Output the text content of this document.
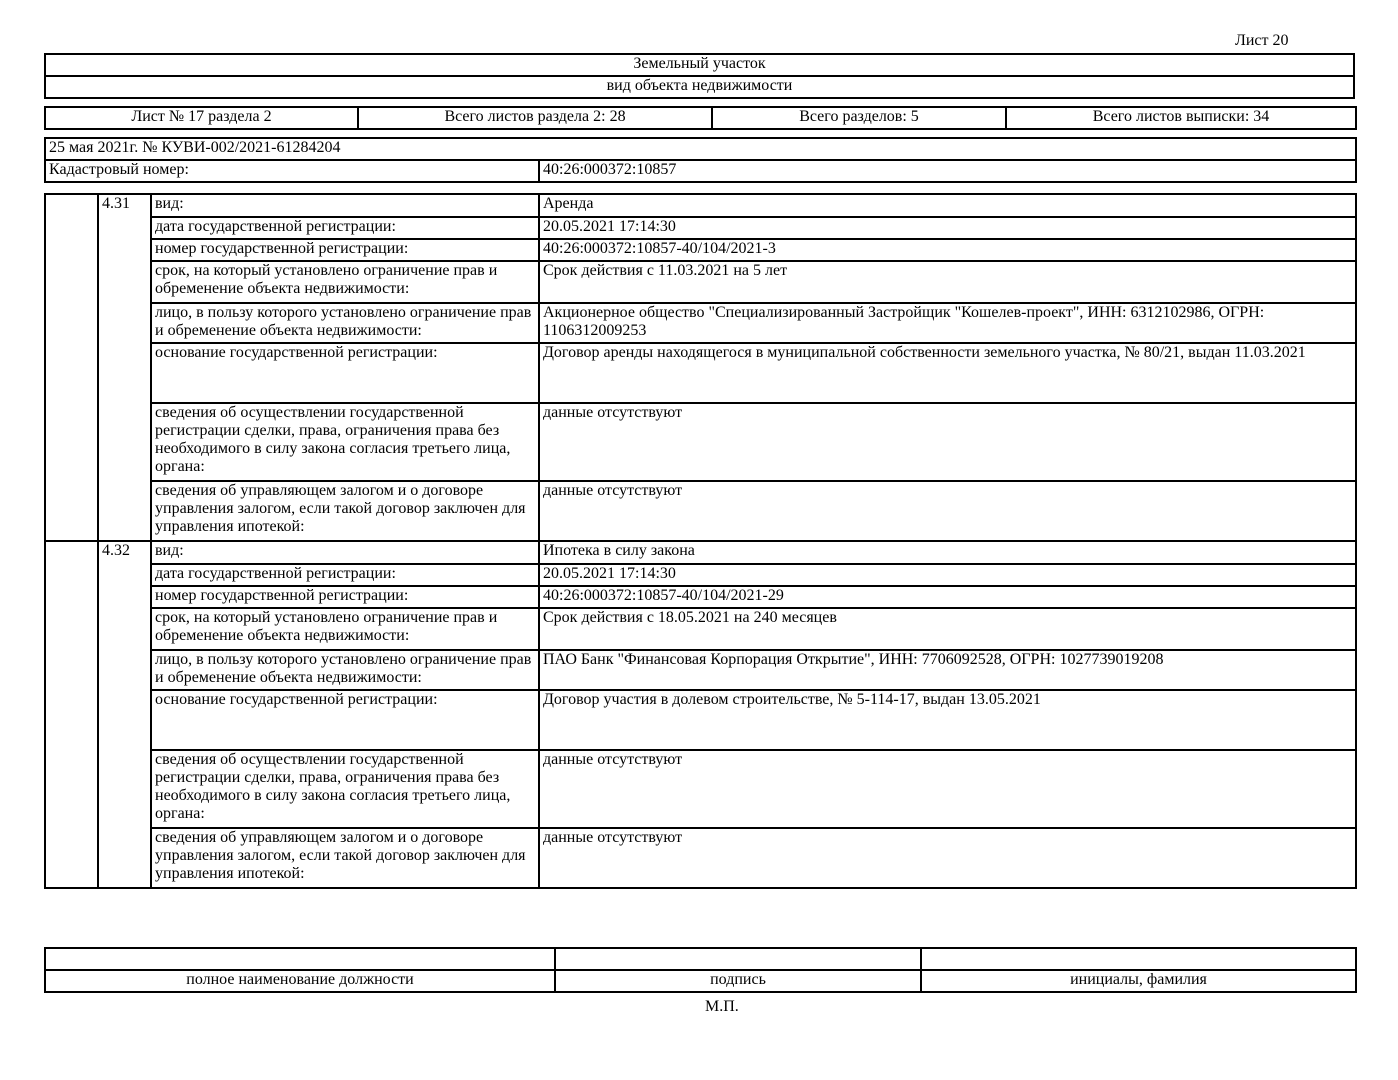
Лист 20
Земельный участок
вид объекта недвижимости
Лист № 17 раздела 2	Всего листов раздела 2: 28	Всего разделов: 5	Всего листов выписки: 34
25 мая 2021г. № КУВИ-002/2021-61284204
Кадастровый номер:	40:26:000372:10857
	4.31	вид:	Аренда
		дата государственной регистрации:	20.05.2021 17:14:30
		номер государственной регистрации:	40:26:000372:10857-40/104/2021-3
		срок, на который установлено ограничение прав и обременение объекта недвижимости:	Срок действия с 11.03.2021 на 5 лет
		лицо, в пользу которого установлено ограничение прав и обременение объекта недвижимости:	Акционерное общество "Специализированный Застройщик "Кошелев-проект", ИНН: 6312102986, ОГРН: 1106312009253
		основание государственной регистрации:	Договор аренды находящегося в муниципальной собственности земельного участка, № 80/21, выдан 11.03.2021
		сведения об осуществлении государственной регистрации сделки, права, ограничения права без необходимого в силу закона согласия третьего лица, органа:	данные отсутствуют
		сведения об управляющем залогом и о договоре управления залогом, если такой договор заключен для управления ипотекой:	данные отсутствуют
	4.32	вид:	Ипотека в силу закона
		дата государственной регистрации:	20.05.2021 17:14:30
		номер государственной регистрации:	40:26:000372:10857-40/104/2021-29
		срок, на который установлено ограничение прав и обременение объекта недвижимости:	Срок действия с 18.05.2021 на 240 месяцев
		лицо, в пользу которого установлено ограничение прав и обременение объекта недвижимости:	ПАО Банк "Финансовая Корпорация Открытие", ИНН: 7706092528, ОГРН: 1027739019208
		основание государственной регистрации:	Договор участия в долевом строительстве, № 5-114-17, выдан 13.05.2021
		сведения об осуществлении государственной регистрации сделки, права, ограничения права без необходимого в силу закона согласия третьего лица, органа:	данные отсутствуют
		сведения об управляющем залогом и о договоре управления залогом, если такой договор заключен для управления ипотекой:	данные отсутствуют

полное наименование должности	подпись	инициалы, фамилия
М.П.
